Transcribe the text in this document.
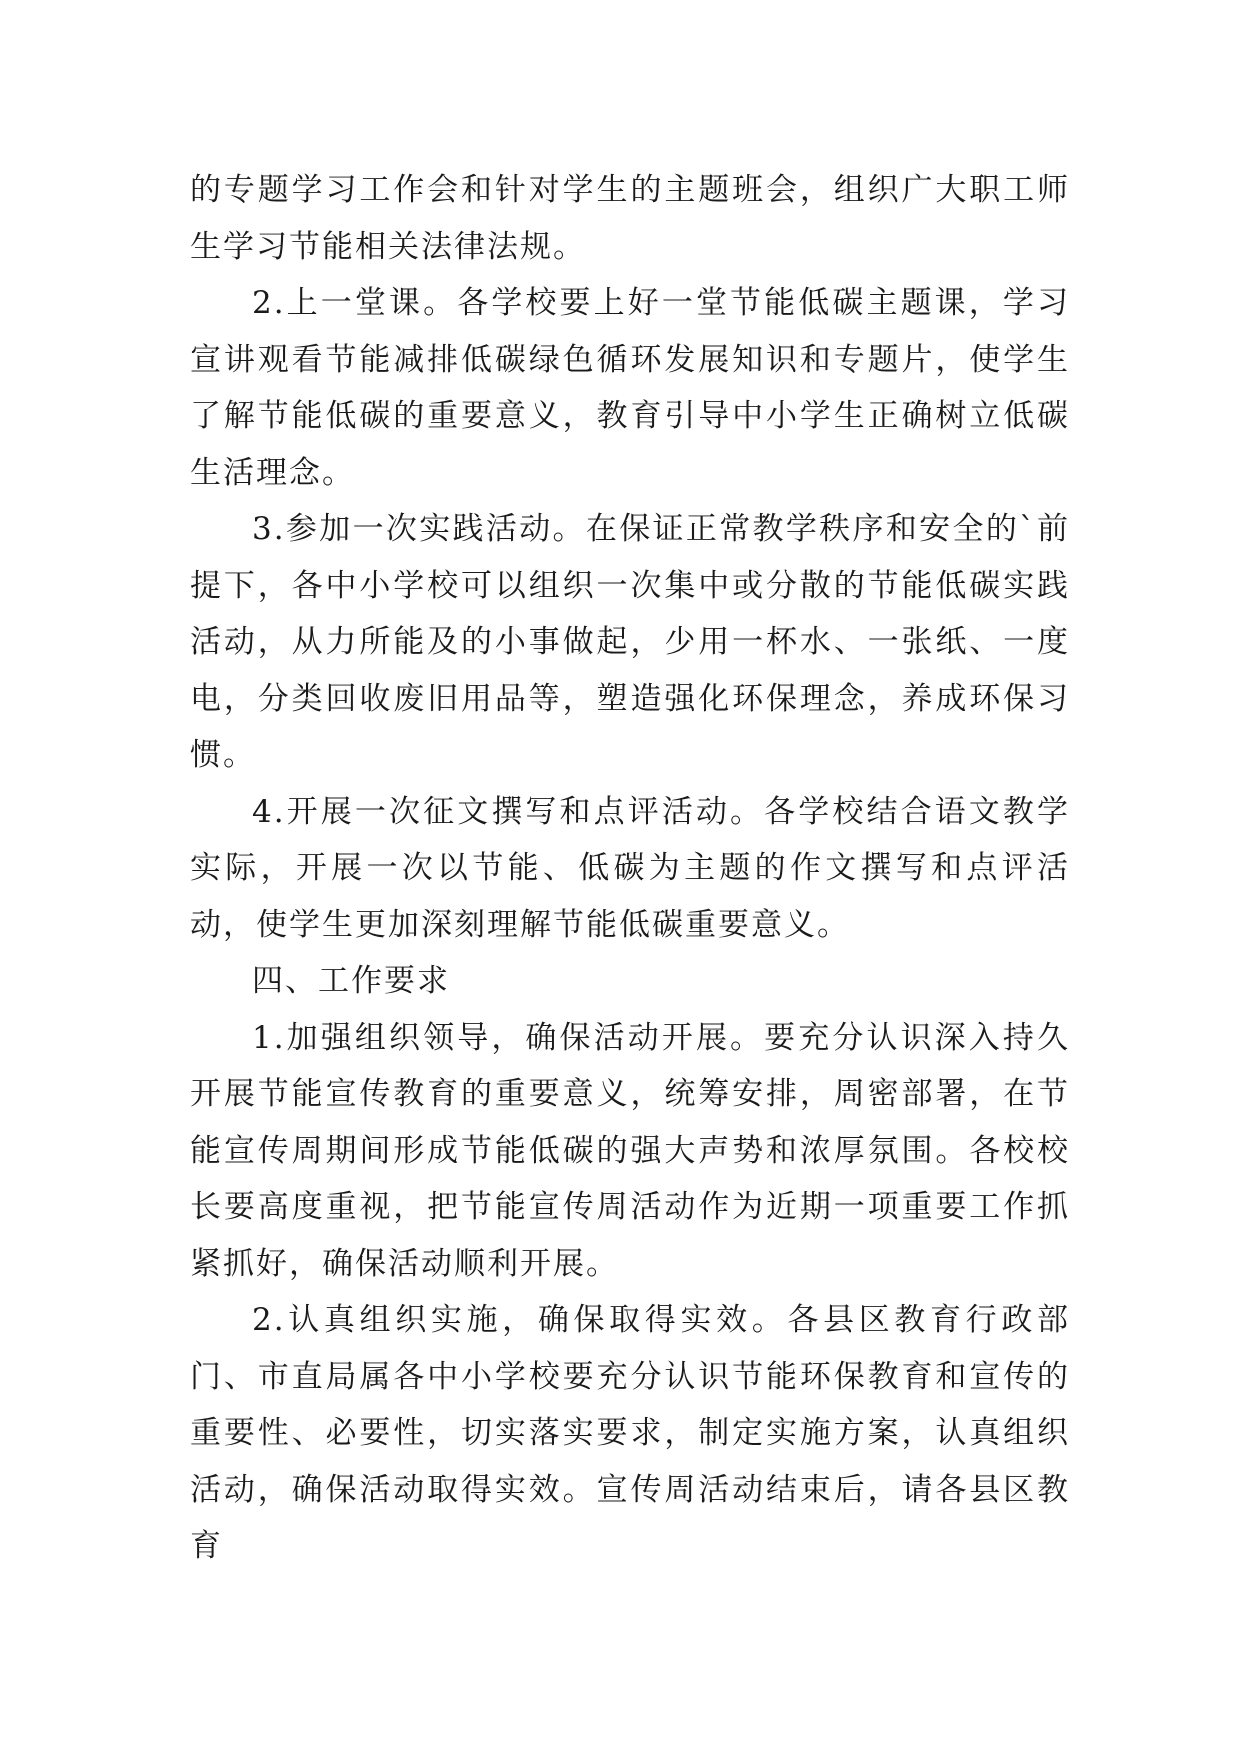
的专题学习工作会和针对学生的主题班会，组织广大职工师生学习节能相关法律法规。

2.上一堂课。各学校要上好一堂节能低碳主题课，学习宣讲观看节能减排低碳绿色循环发展知识和专题片，使学生了解节能低碳的重要意义，教育引导中小学生正确树立低碳生活理念。

3.参加一次实践活动。在保证正常教学秩序和安全的`前提下，各中小学校可以组织一次集中或分散的节能低碳实践活动，从力所能及的小事做起，少用一杯水、一张纸、一度电，分类回收废旧用品等，塑造强化环保理念，养成环保习惯。

4.开展一次征文撰写和点评活动。各学校结合语文教学实际，开展一次以节能、低碳为主题的作文撰写和点评活动，使学生更加深刻理解节能低碳重要意义。

四、工作要求

1.加强组织领导，确保活动开展。要充分认识深入持久开展节能宣传教育的重要意义，统筹安排，周密部署，在节能宣传周期间形成节能低碳的强大声势和浓厚氛围。各校校长要高度重视，把节能宣传周活动作为近期一项重要工作抓紧抓好，确保活动顺利开展。

2.认真组织实施，确保取得实效。各县区教育行政部门、市直局属各中小学校要充分认识节能环保教育和宣传的重要性、必要性，切实落实要求，制定实施方案，认真组织活动，确保活动取得实效。宣传周活动结束后，请各县区教育
